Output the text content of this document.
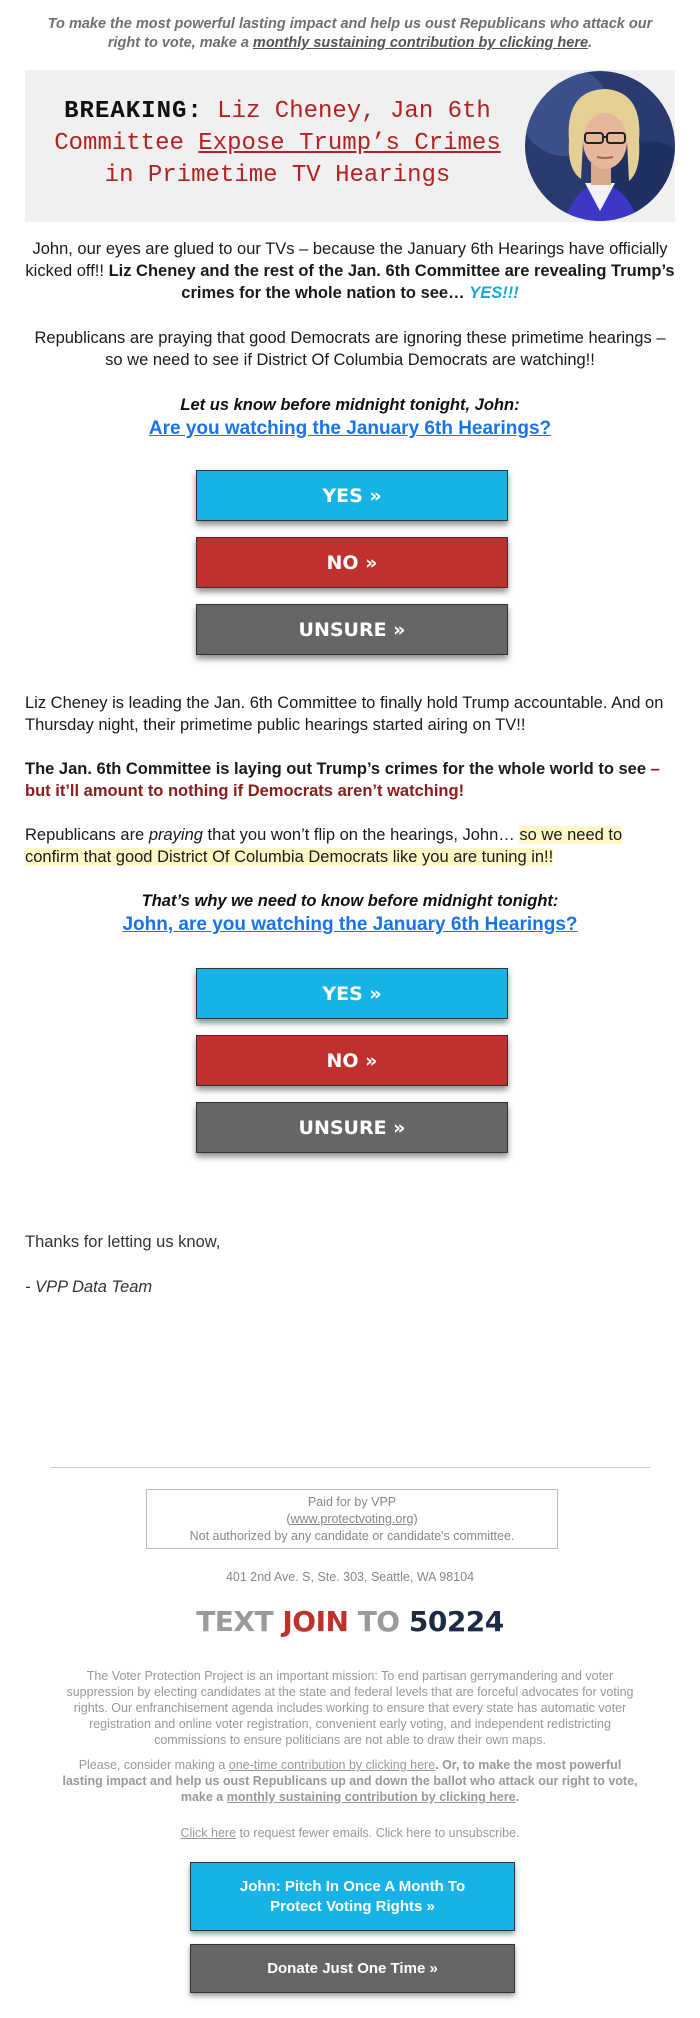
To make the most powerful lasting impact and help us oust Republicans who attack our right to vote, make a monthly sustaining contribution by clicking here.
BREAKING: Liz Cheney, Jan 6th
Committee Expose Trump’s Crimes
in Primetime TV Hearings
John, our eyes are glued to our TVs – because the January 6th Hearings have officially kicked off!! Liz Cheney and the rest of the Jan. 6th Committee are revealing Trump’s crimes for the whole nation to see… YES!!!
Republicans are praying that good Democrats are ignoring these primetime hearings – so we need to see if District Of Columbia Democrats are watching!!
Let us know before midnight tonight, John:
Are you watching the January 6th Hearings?
YES »
NO »
UNSURE »
Liz Cheney is leading the Jan. 6th Committee to finally hold Trump accountable. And on Thursday night, their primetime public hearings started airing on TV!!
The Jan. 6th Committee is laying out Trump’s crimes for the whole world to see – but it’ll amount to nothing if Democrats aren’t watching!
Republicans are praying that you won’t flip on the hearings, John… so we need to confirm that good District Of Columbia Democrats like you are tuning in!!
That’s why we need to know before midnight tonight:
John, are you watching the January 6th Hearings?
YES »
NO »
UNSURE »
Thanks for letting us know,
- VPP Data Team
Paid for by VPP
(www.protectvoting.org)
Not authorized by any candidate or candidate's committee.
401 2nd Ave. S, Ste. 303, Seattle, WA 98104
TEXT JOIN TO 50224
The Voter Protection Project is an important mission: To end partisan gerrymandering and voter suppression by electing candidates at the state and federal levels that are forceful advocates for voting rights. Our enfranchisement agenda includes working to ensure that every state has automatic voter registration and online voter registration, convenient early voting, and independent redistricting commissions to ensure politicians are not able to draw their own maps.
Please, consider making a one-time contribution by clicking here. Or, to make the most powerful lasting impact and help us oust Republicans up and down the ballot who attack our right to vote, make a monthly sustaining contribution by clicking here.
Click here to request fewer emails. Click here to unsubscribe.
John: Pitch In Once A Month To Protect Voting Rights »
Donate Just One Time »
